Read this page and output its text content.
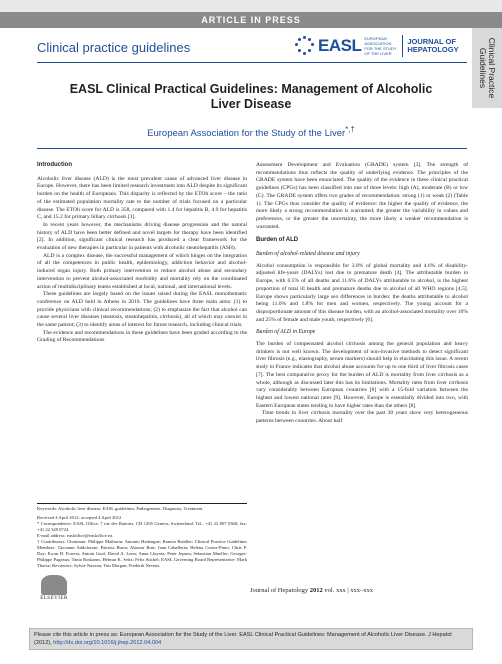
ARTICLE IN PRESS
Clinical practice guidelines	EASL EUROPEAN ASSOCIATION FOR THE STUDY OF THE LIVER
JOURNAL OF
HEPATOLOGY	Clinical Practice
Guidelines
EASL Clinical Practical Guidelines: Management of Alcoholic Liver Disease
European Association for the Study of the Liver*,†
Introduction

Alcoholic liver disease (ALD) is the most prevalent cause of advanced liver disease in Europe. However, there has been limited research investment into ALD despite its significant burden on the health of Europeans. This disparity is reflected by the ETOh score – the ratio of the estimated population mortality rate to the number of trials focused on a particular disease. The ETOh score for ALD is 358, compared with 1.4 for hepatitis B, 4.9 for hepatitis C, and 15.2 for primary biliary cirrhosis [1].

In recent years however, the mechanisms driving disease progression and the natural history of ALD have been better defined and novel targets for therapy have been identified [2]. In addition, significant clinical research has produced a clear framework for the evaluation of new therapies in particular in patients with alcoholic steatohepatitis (ASH).

ALD is a complex disease, the successful management of which hinges on the integration of all the competences in public health, epidemiology, addiction behavior and alcohol-induced organ injury. Both primary intervention to reduce alcohol abuse and secondary intervention to prevent alcohol-associated morbidity and mortality rely on the coordinated action of multidisciplinary teams established at local, national, and international levels.

These guidelines are largely based on the issues raised during the EASL monothematic conference on ALD held in Athens in 2010. The guidelines have three main aims: (1) to provide physicians with clinical recommendations; (2) to emphasize the fact that alcohol can cause several liver diseases (steatosis, steatohepatitis, cirrhosis), all of which may coexist in the same patient; (3) to identify areas of interest for future research, including clinical trials.

The evidence and recommendations in these guidelines have been graded according to the Grading of Recommendations

Keywords: Alcoholic liver disease; EASL guidelines; Pathogenesis; Diagnosis; Treatment.

Received 4 April 2012; accepted 4 April 2012

* Correspondence: EASL Office, 7 rue des Battoirs, CH 1205 Geneva, Switzerland. Tel.: +41 22 807 0360; fax: +41 22 328 0724.

E-mail address: easloffice@easloffice.eu.

† Contributors: Chairman: Philippe Mathurin; Antonio Hadengue; Ramon Bataller; Clinical Practice Guidelines Members: Giovanni Addolorato; Patrizia Burra; Alastair Burt; Juan Caballeria; Helena Cortez-Pinto; Chris P. Day; Ewan H. Forrest; Antoni Gual; David A. Leon; Anna Lluyota; Peter Jepsen; Sebastian Mueller; Georges-Philippe Pageaux; Tania Roskams; Helmut K. Seitz; Felix Stickel; EASL Governing Board Representative: Mark Thursz; Reviewers: Sylvie Naveau; Tim Morgan; Frederik Nevens.

Assessment Development and Evaluation (GRADE) system [3]. The strength of recommendations thus reflects the quality of underlying evidence. The principles of the GRADE system have been enunciated. The quality of the evidence in these clinical practical guidelines (CPGs) has been classified into one of three levels: high (A), moderate (B) or low (C). The GRADE system offers two grades of recommendation: strong (1) or weak (2) (Table 1). The CPGs thus consider the quality of evidence: the higher the quality of evidence, the more likely a strong recommendation is warranted; the greater the variability in values and preferences, or the greater the uncertainty, the more likely a weaker recommendation is warranted.

Burden of ALD
Burden of alcohol-related disease and injury

Alcohol consumption is responsible for 3.8% of global mortality and 4.6% of disability-adjusted life-years (DALYs) lost due to premature death [4]. The attributable burden in Europe, with 6.5% of all deaths and 11.6% of DALYs attributable to alcohol, is the highest proportion of total ill health and premature deaths due to alcohol of all WHO regions [4,5]. Europe shows particularly large sex differences in burden: the deaths attributable to alcohol being 11.0% and 1.8% for men and women, respectively. The young account for a disproportionate amount of this disease burden, with an alcohol-associated mortality over 10% and 25% of female and male youth, respectively [6].

Burden of ALD in Europe

The burden of compensated alcohol cirrhosis among the general population and heavy drinkers is not well known. The development of non-invasive methods to detect significant liver fibrosis (e.g., elastography, serum markers) should help in elucidating this issue. A recent study in France indicates that alcohol abuse accounts for up to one third of liver fibrosis cases [7]. The best comparative proxy for the burden of ALD is mortality from liver cirrhosis as a whole, although as discussed later this has its limitations. Mortality rates from liver cirrhosis vary considerably between European countries [8] with a 15-fold variation between the highest and lowest national rates [9]. However, Europe is essentially divided into two, with Eastern European states tending to have higher rates than the others [8].

Time trends in liver cirrhosis mortality over the past 30 years show very heterogeneous patterns between countries. About half

ELSEVIER
Journal of Hepatology 2012 vol. xxx | xxx–xxx
Please cite this article in press as: European Association for the Study of the Liver. EASL Clinical Practical Guidelines: Management of Alcoholic Liver Disease. J Hepatol (2012), http://dx.doi.org/10.1016/j.jhep.2012.04.004
